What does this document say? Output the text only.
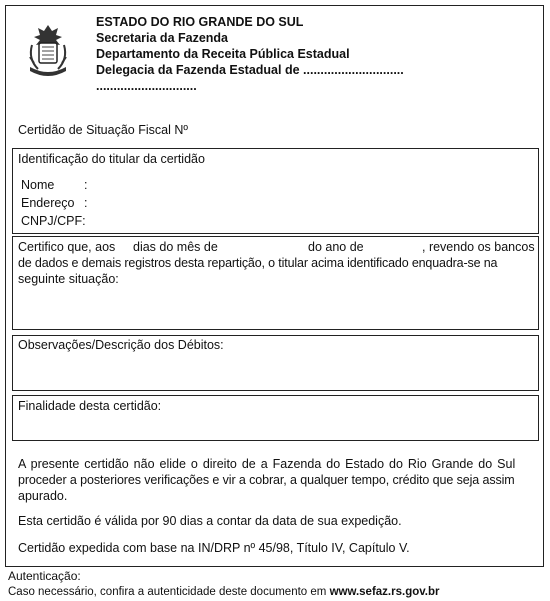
ESTADO DO RIO GRANDE DO SUL
Secretaria da Fazenda
Departamento da Receita Pública Estadual
Delegacia da Fazenda Estadual de .............................
.............................
Certidão de Situação Fiscal Nº
Identificação do titular da certidão
Nome :
Endereço :
CNPJ/CPF:
Certifico que, aos dias do mês de	do ano de	, revendo os bancos
de dados e demais registros desta repartição, o titular acima identificado enquadra-se na
seguinte situação:
Observações/Descrição dos Débitos:
Finalidade desta certidão:
A presente certidão não elide o direito de a Fazenda do Estado do Rio Grande do Sul
proceder a posteriores verificações e vir a cobrar, a qualquer tempo, crédito que seja assim
apurado.
Esta certidão é válida por 90 dias a contar da data de sua expedição.
Certidão expedida com base na IN/DRP nº 45/98, Título IV, Capítulo V.
Autenticação:
Caso necessário, confira a autenticidade deste documento em www.sefaz.rs.gov.br
